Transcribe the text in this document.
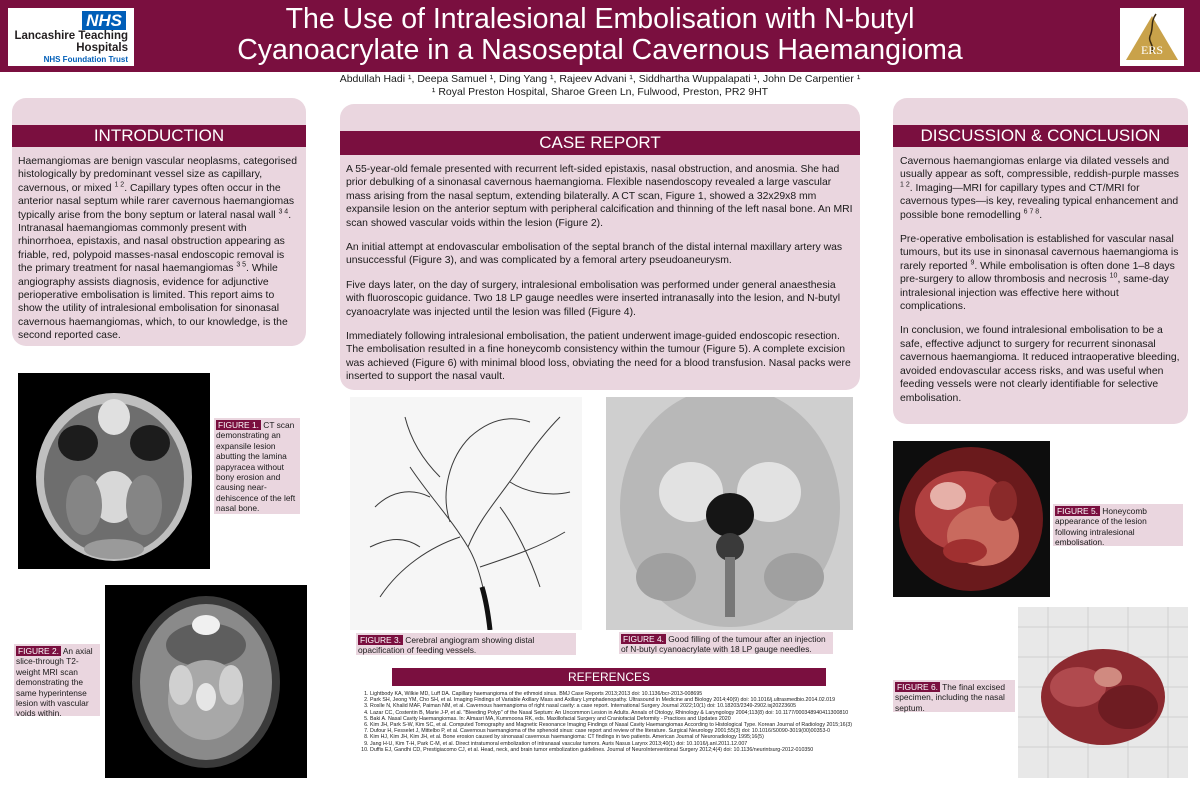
NHS
Lancashire Teaching
Hospitals
NHS Foundation Trust
The Use of Intralesional Embolisation with N-butyl
Cyanoacrylate in a Nasoseptal Cavernous Haemangioma	ERS
Abdullah Hadi ¹, Deepa Samuel ¹, Ding Yang ¹, Rajeev Advani ¹, Siddhartha Wuppalapati ¹, John De Carpentier ¹
¹ Royal Preston Hospital, Sharoe Green Ln, Fulwood, Preston, PR2 9HT
INTRODUCTION

Haemangiomas are benign vascular neoplasms, categorised histologically by predominant vessel size as capillary, cavernous, or mixed $^{1 2}$. Capillary types often occur in the anterior nasal septum while rarer cavernous haemangiomas typically arise from the bony septum or lateral nasal wall $^{3 4}$. Intranasal haemangiomas commonly present with rhinorrhoea, epistaxis, and nasal obstruction appearing as friable, red, polypoid masses-nasal endoscopic removal is the primary treatment for nasal haemangiomas $^{3 5}$. While angiography assists diagnosis, evidence for adjunctive perioperative embolisation is limited. This report aims to show the utility of intralesional embolisation for sinonasal cavernous haemangiomas, which, to our knowledge, is the second reported case.

CASE REPORT

A 55-year-old female presented with recurrent left-sided epistaxis, nasal obstruction, and anosmia. She had prior debulking of a sinonasal cavernous haemangioma. Flexible nasendoscopy revealed a large vascular mass arising from the nasal septum, extending bilaterally. A CT scan, Figure 1, showed a 32x29x8 mm expansile lesion on the anterior septum with peripheral calcification and thinning of the left nasal bone. An MRI scan showed vascular voids within the lesion (Figure 2).

An initial attempt at endovascular embolisation of the septal branch of the distal internal maxillary artery was unsuccessful (Figure 3), and was complicated by a femoral artery pseudoaneurysm.

Five days later, on the day of surgery, intralesional embolisation was performed under general anaesthesia with fluoroscopic guidance. Two 18 LP gauge needles were inserted intranasally into the lesion, and N-butyl cyanoacrylate was injected until the lesion was filled (Figure 4).

Immediately following intralesional embolisation, the patient underwent image-guided endoscopic resection. The embolisation resulted in a fine honeycomb consistency within the tumour (Figure 5). A complete excision was achieved (Figure 6) with minimal blood loss, obviating the need for a blood transfusion. Nasal packs were inserted to support the nasal vault.

DISCUSSION & CONCLUSION

Cavernous haemangiomas enlarge via dilated vessels and usually appear as soft, compressible, reddish-purple masses $^{1 2}$. Imaging—MRI for capillary types and CT/MRI for cavernous types—is key, revealing typical enhancement and possible bone remodelling $^{6 7 8}$.

Pre-operative embolisation is established for vascular nasal tumours, but its use in sinonasal cavernous haemangioma is rarely reported $^9$. While embolisation is often done 1–8 days pre-surgery to allow thrombosis and necrosis $^{10}$, same-day intralesional injection was effective here without complications.

In conclusion, we found intralesional embolisation to be a safe, effective adjunct to surgery for recurrent sinonasal cavernous haemangioma. It reduced intraoperative bleeding, avoided endovascular access risks, and was useful when feeding vessels were not clearly identifiable for selective embolisation.

FIGURE 1. CT scan demonstrating an expansile lesion abutting the lamina papyracea without bony erosion and causing near-dehiscence of the left nasal bone.
FIGURE 2. An axial slice-through T2-weight MRI scan demonstrating the same hyperintense lesion with vascular voids within.
FIGURE 3. Cerebral angiogram showing distal opacification of feeding vessels.
FIGURE 4. Good filling of the tumour after an injection of N-butyl cyanoacrylate with 18 LP gauge needles.
FIGURE 5. Honeycomb appearance of the lesion following intralesional embolisation.
FIGURE 6. The final excised specimen, including the nasal septum.
REFERENCES
1. Lightbody KA, Wilkie MD, Luff DA. Capillary haemangioma of the ethmoid sinus. BMJ Case Reports 2013;2013 doi: 10.1136/bcr-2013-008695
2. Park SH, Jeong YM, Cho SH, et al. Imaging Findings of Variable Axillary Mass and Axillary Lymphadenopathy. Ultrasound in Medicine and Biology 2014;40(9) doi: 10.1016/j.ultrasmedbio.2014.02.019
3. Roslle N, Khalid MAF, Paiman NM, et al. Cavernous haemangioma of right nasal cavity: a case report. International Surgery Journal 2022;10(1) doi: 10.18203/2349-2902.isj20223605
4. Lazar CC, Costentin B, Marie J-P, et al. "Bleeding Polyp" of the Nasal Septum: An Uncommon Lesion in Adults. Annals of Otology, Rhinology & Laryngology 2004;113(8) doi: 10.1177/000348940411300810
5. Baki A. Nasal Cavity Haemangiomas. In: Almasri MA, Kummoona RK, eds. Maxillofacial Surgery and Craniofacial Deformity - Practices and Updates 2020
6. Kim JH, Park S-W, Kim SC, et al. Computed Tomography and Magnetic Resonance Imaging Findings of Nasal Cavity Haemangiomas According to Histological Type. Korean Journal of Radiology 2015;16(3)
7. Dufour H, Fesselet J, Mittelbo P, et al. Cavernous haemangioma of the sphenoid sinus: case report and review of the literature. Surgical Neurology 2001;55(3) doi: 10.1016/S0090-3019(00)00353-0
8. Kim HJ, Kim JH, Kim JH, et al. Bone erosion caused by sinonasal cavernous haemangioma: CT findings in two patients. American Journal of Neuroradiology 1995;16(5)
9. Jang H-U, Kim T-H, Park C-M, et al. Direct intratumoral embolization of intranasal vascular tumors. Auris Nasus Larynx 2013;40(1) doi: 10.1016/j.anl.2011.12.007
10. Duffis EJ, Gandhi CD, Prestigiacomo CJ, et al. Head, neck, and brain tumor embolization guidelines. Journal of NeuroInterventional Surgery 2012;4(4) doi: 10.1136/neurintsurg-2012-010350
